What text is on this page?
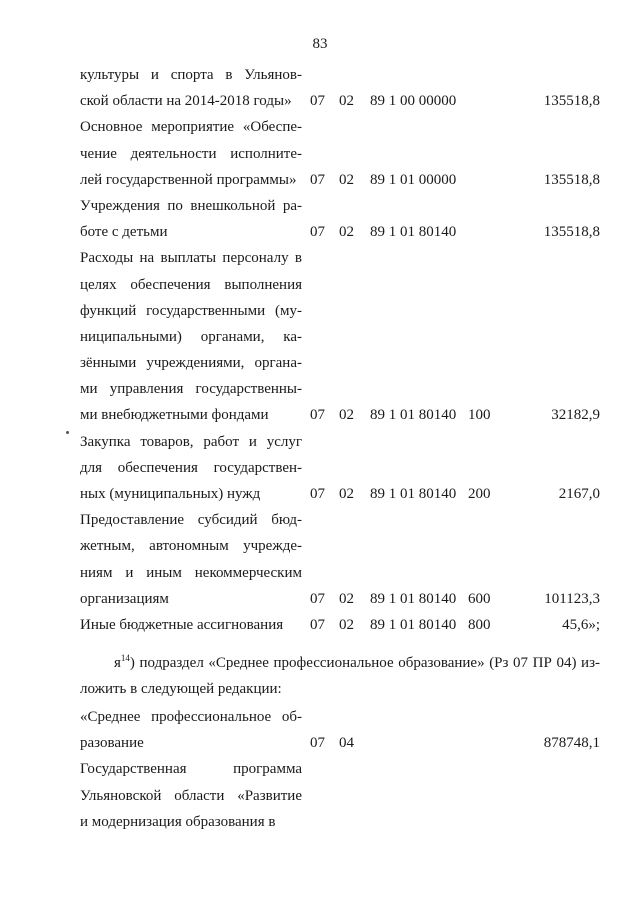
83
культуры и спорта в Ульянов-
ской области на 2014-2018 годы»	07 02 89 1 00 00000	135518,8
Основное мероприятие «Обеспе-
чение деятельности исполните-
лей государственной программы» 07 02 89 1 01 00000	135518,8
Учреждения по внешкольной ра-
боте с детьми	07 02 89 1 01 80140	135518,8
Расходы на выплаты персоналу в
целях обеспечения выполнения
функций государственными (му-
ниципальными) органами, ка-
зёнными учреждениями, органа-
ми управления государственны-
ми внебюджетными фондами	07 02 89 1 01 80140 100	32182,9
Закупка товаров, работ и услуг
для обеспечения государствен-
ных (муниципальных) нужд	07 02 89 1 01 80140 200	2167,0
Предоставление субсидий бюд-
жетным, автономным учрежде-
ниям и иным некоммерческим
организациям	07 02 89 1 01 80140 600	101123,3
Иные бюджетные ассигнования	07 02 89 1 01 80140 800	45,6»;
$я^{14}$) подраздел «Среднее профессиональное образование» (Рз 07 ПР 04) из-
ложить в следующей редакции:
«Среднее профессиональное об-
разование	07 04	878748,1
Государственная программа
Ульяновской области «Развитие
и модернизация образования в
